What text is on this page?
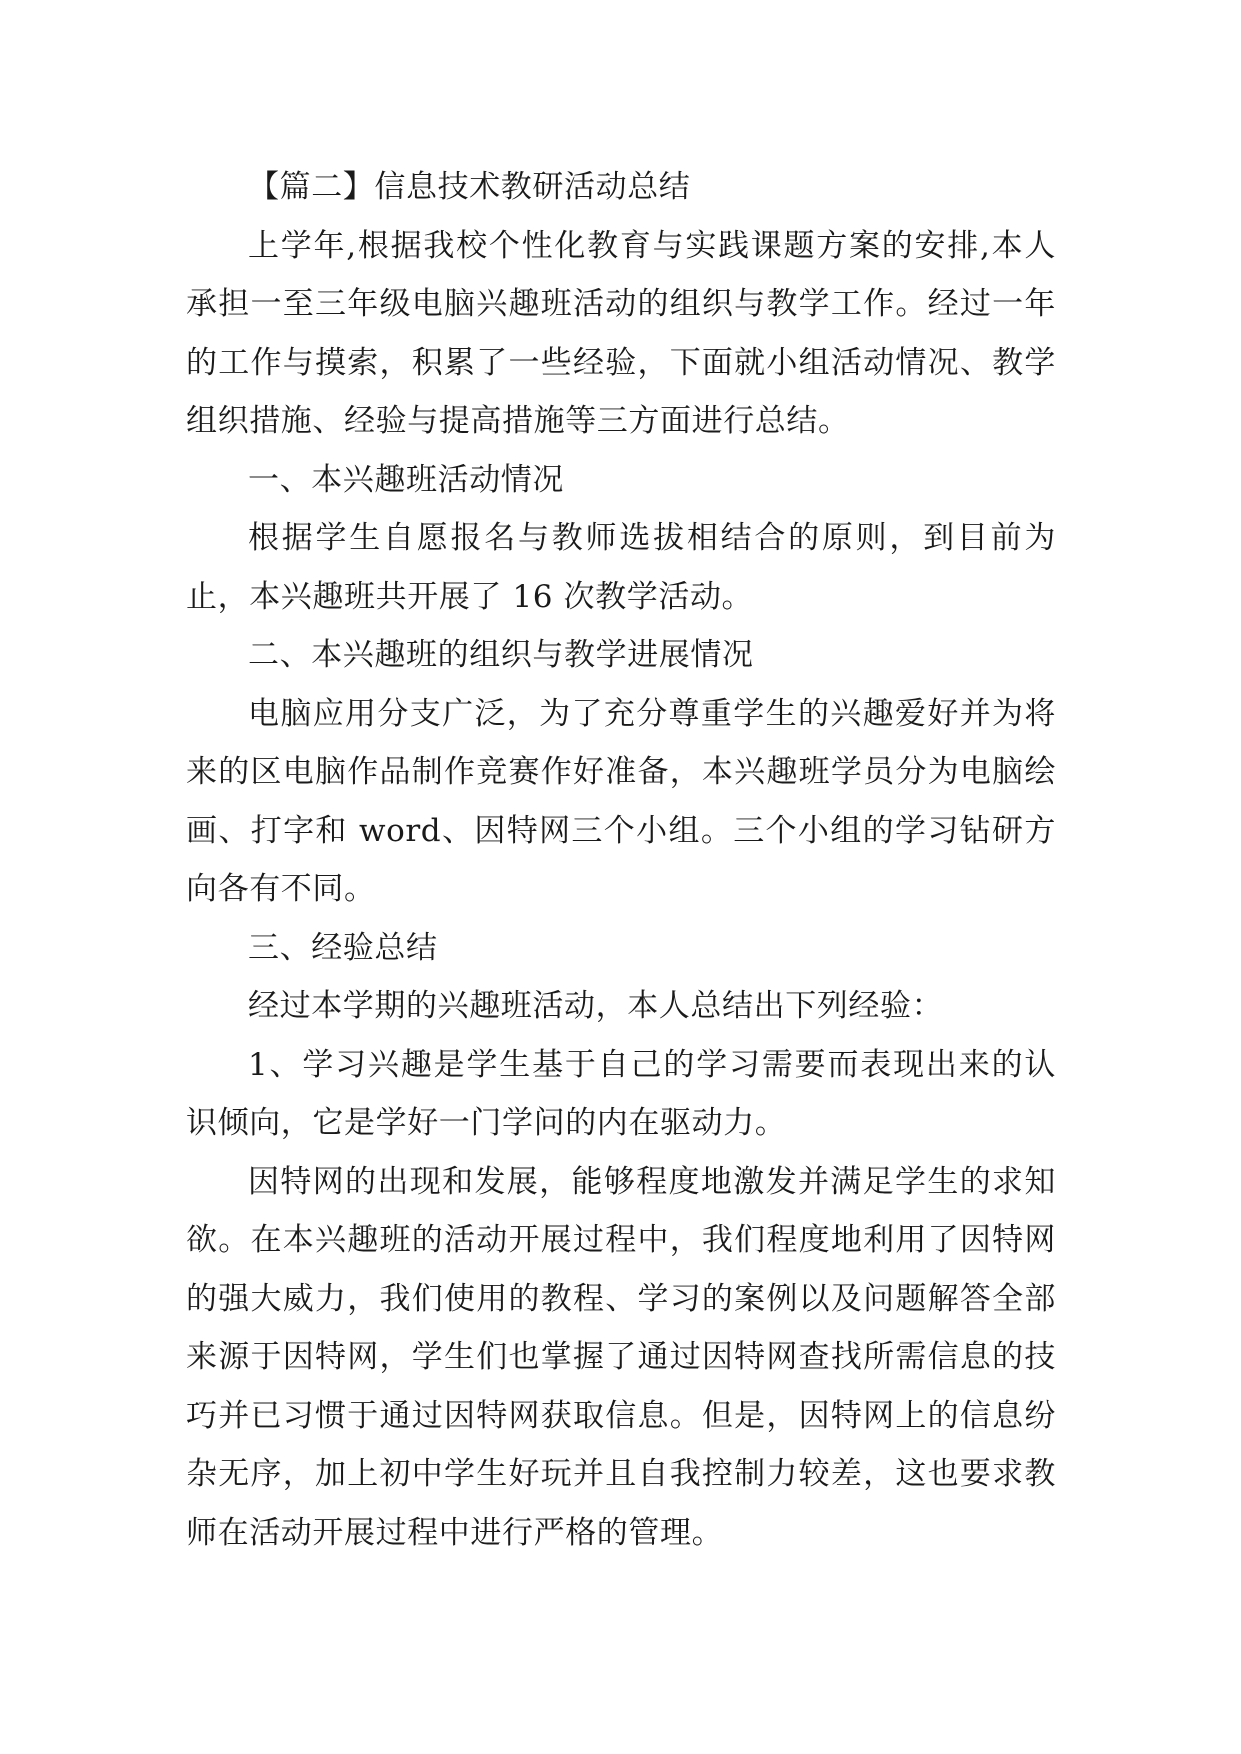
【篇二】信息技术教研活动总结

上学年,根据我校个性化教育与实践课题方案的安排,本人承担一至三年级电脑兴趣班活动的组织与教学工作。经过一年的工作与摸索，积累了一些经验，下面就小组活动情况、教学组织措施、经验与提高措施等三方面进行总结。

一、本兴趣班活动情况

根据学生自愿报名与教师选拔相结合的原则，到目前为止，本兴趣班共开展了 16 次教学活动。

二、本兴趣班的组织与教学进展情况

电脑应用分支广泛，为了充分尊重学生的兴趣爱好并为将来的区电脑作品制作竞赛作好准备，本兴趣班学员分为电脑绘画、打字和 word、因特网三个小组。三个小组的学习钻研方向各有不同。

三、经验总结

经过本学期的兴趣班活动，本人总结出下列经验：

1、学习兴趣是学生基于自己的学习需要而表现出来的认识倾向，它是学好一门学问的内在驱动力。

因特网的出现和发展，能够程度地激发并满足学生的求知欲。在本兴趣班的活动开展过程中，我们程度地利用了因特网的强大威力，我们使用的教程、学习的案例以及问题解答全部来源于因特网，学生们也掌握了通过因特网查找所需信息的技巧并已习惯于通过因特网获取信息。但是，因特网上的信息纷杂无序，加上初中学生好玩并且自我控制力较差，这也要求教师在活动开展过程中进行严格的管理。
